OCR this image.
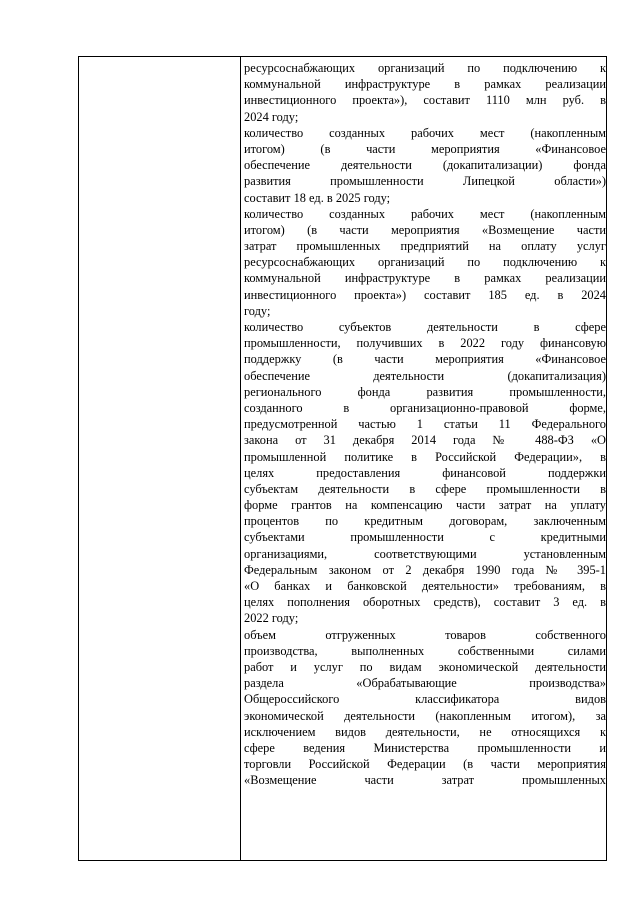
ресурсоснабжающих организаций по подключению к
коммунальной инфраструктуре в рамках реализации
инвестиционного проекта»), составит 1110 млн руб. в
2024 году;
количество созданных рабочих мест (накопленным
итогом) (в части мероприятия «Финансовое
обеспечение деятельности (докапитализации) фонда
развития промышленности Липецкой области»)
составит 18 ед. в 2025 году;
количество созданных рабочих мест (накопленным
итогом) (в части мероприятия «Возмещение части
затрат промышленных предприятий на оплату услуг
ресурсоснабжающих организаций по подключению к
коммунальной инфраструктуре в рамках реализации
инвестиционного проекта») составит 185 ед. в 2024
году;
количество субъектов деятельности в сфере
промышленности, получивших в 2022 году финансовую
поддержку (в части мероприятия «Финансовое
обеспечение деятельности (докапитализация)
регионального фонда развития промышленности,
созданного в организационно-правовой форме,
предусмотренной частью 1 статьи 11 Федерального
закона от 31 декабря 2014 года № 488-ФЗ «О
промышленной политике в Российской Федерации», в
целях предоставления финансовой поддержки
субъектам деятельности в сфере промышленности в
форме грантов на компенсацию части затрат на уплату
процентов по кредитным договорам, заключенным
субъектами промышленности с кредитными
организациями, соответствующими установленным
Федеральным законом от 2 декабря 1990 года № 395-1
«О банках и банковской деятельности» требованиям, в
целях пополнения оборотных средств), составит 3 ед. в
2022 году;
объем отгруженных товаров собственного
производства, выполненных собственными силами
работ и услуг по видам экономической деятельности
раздела «Обрабатывающие производства»
Общероссийского классификатора видов
экономической деятельности (накопленным итогом), за
исключением видов деятельности, не относящихся к
сфере ведения Министерства промышленности и
торговли Российской Федерации (в части мероприятия
«Возмещение части затрат промышленных
